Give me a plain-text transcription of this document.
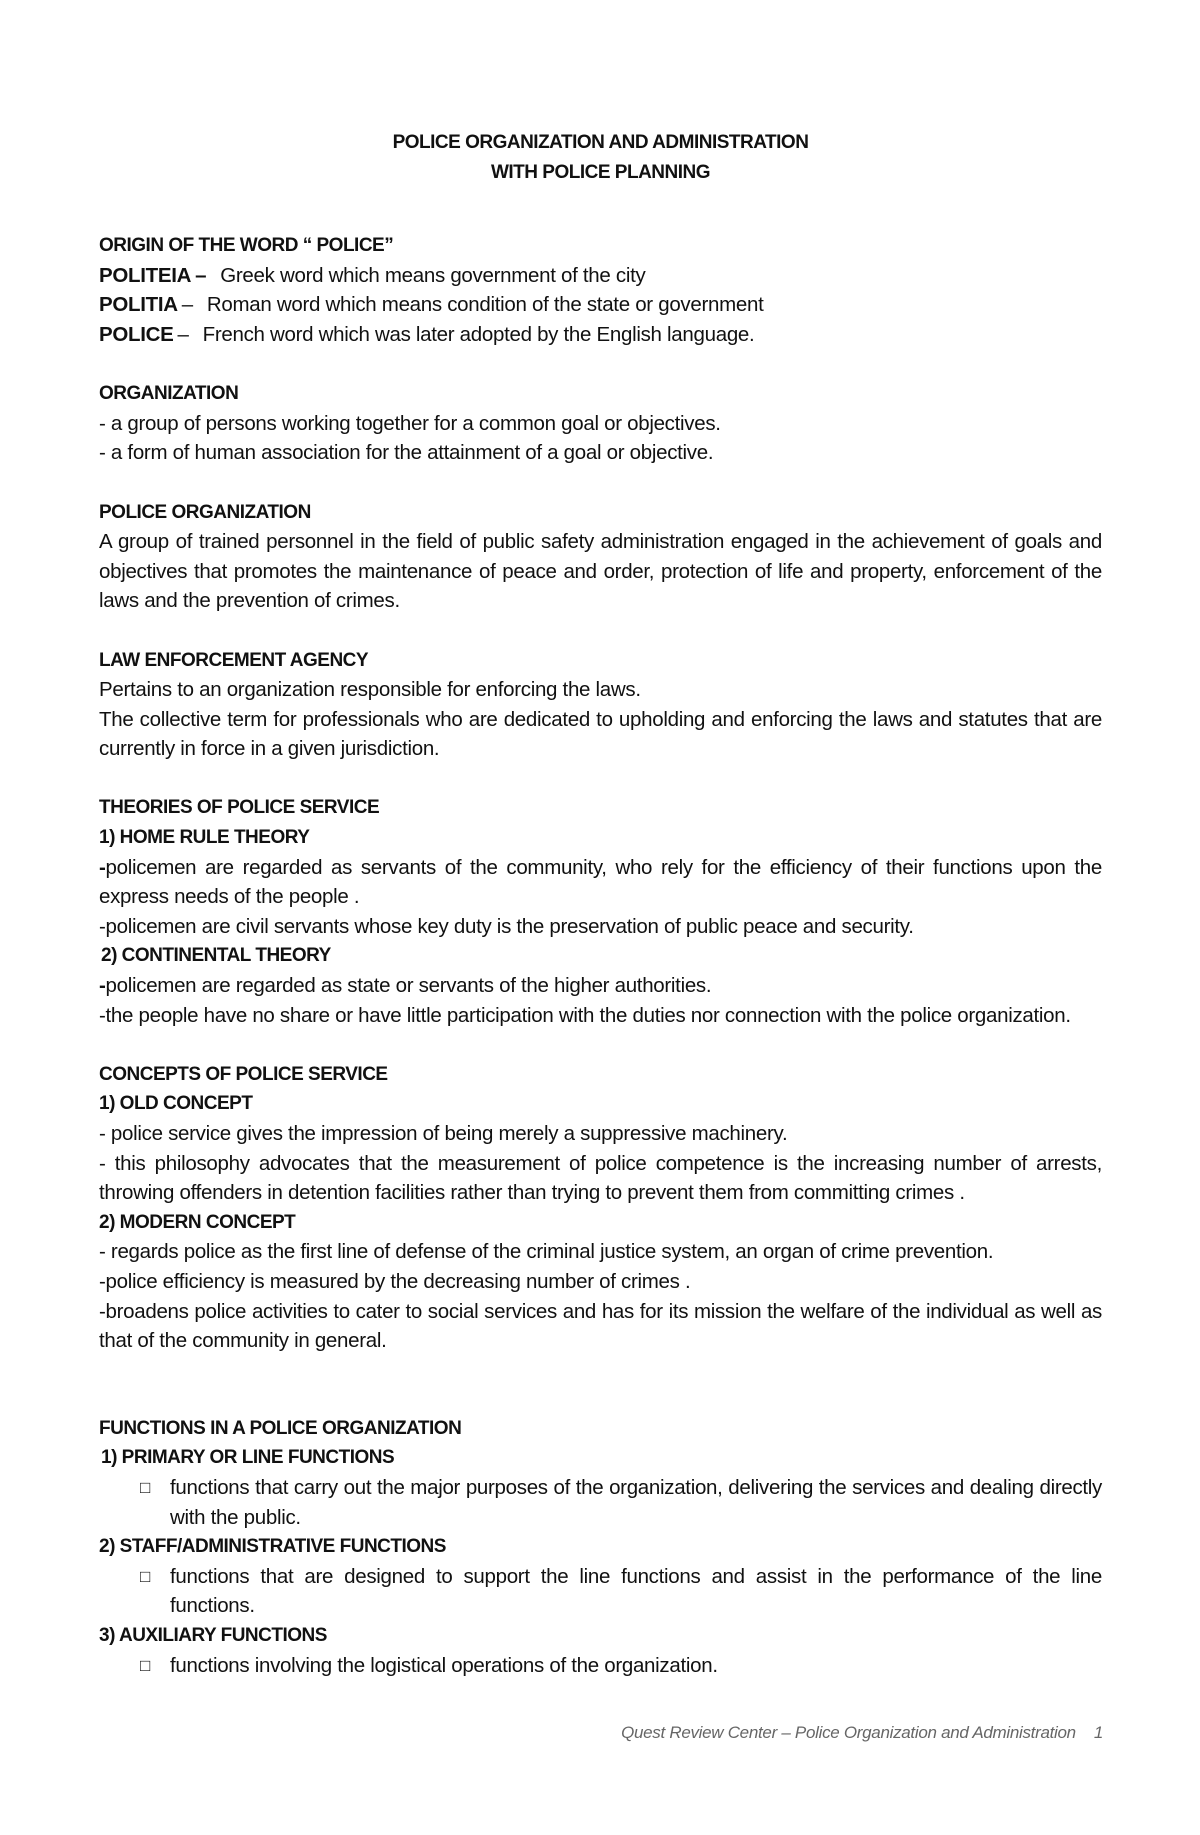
POLICE ORGANIZATION AND ADMINISTRATION
WITH POLICE PLANNING
ORIGIN OF THE WORD “ POLICE”
POLITEIA – Greek word which means government of the city
POLITIA – Roman word which means condition of the state or government
POLICE – French word which was later adopted by the English language.
ORGANIZATION
- a group of persons working together for a common goal or objectives.
- a form of human association for the attainment of a goal or objective.
POLICE ORGANIZATION
A group of trained personnel in the field of public safety administration engaged in the achievement of goals and objectives that promotes the maintenance of peace and order, protection of life and property, enforcement of the laws and the prevention of crimes.
LAW ENFORCEMENT AGENCY
Pertains to an organization responsible for enforcing the laws.
The collective term for professionals who are dedicated to upholding and enforcing the laws and statutes that are currently in force in a given jurisdiction.
THEORIES OF POLICE SERVICE
1) HOME RULE THEORY
-policemen are regarded as servants of the community, who rely for the efficiency of their functions upon the express needs of the people .
-policemen are civil servants whose key duty is the preservation of public peace and security.
2) CONTINENTAL THEORY
-policemen are regarded as state or servants of the higher authorities.
-the people have no share or have little participation with the duties nor connection with the police organization.
CONCEPTS OF POLICE SERVICE
1) OLD CONCEPT
- police service gives the impression of being merely a suppressive machinery.
- this philosophy advocates that the measurement of police competence is the increasing number of arrests, throwing offenders in detention facilities rather than trying to prevent them from committing crimes .
2) MODERN CONCEPT
- regards police as the first line of defense of the criminal justice system, an organ of crime prevention.
-police efficiency is measured by the decreasing number of crimes .
-broadens police activities to cater to social services and has for its mission the welfare of the individual as well as that of the community in general.
FUNCTIONS IN A POLICE ORGANIZATION
1) PRIMARY OR LINE FUNCTIONS
□ functions that carry out the major purposes of the organization, delivering the services and dealing directly with the public.
2) STAFF/ADMINISTRATIVE FUNCTIONS
□ functions that are designed to support the line functions and assist in the performance of the line functions.
3) AUXILIARY FUNCTIONS
□ functions involving the logistical operations of the organization.
Quest Review Center – Police Organization and Administration 1
